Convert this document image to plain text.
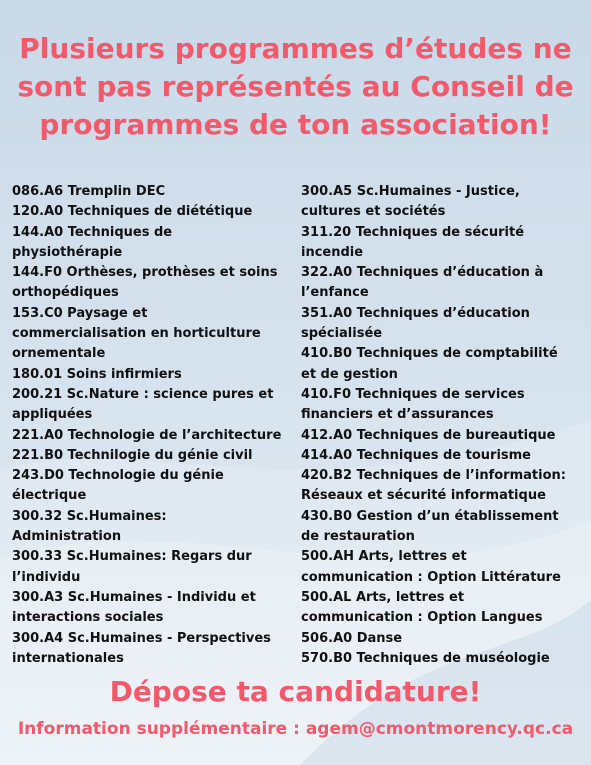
Plusieurs programmes d’études ne
sont pas représentés au Conseil de
programmes de ton association!
086.A6 Tremplin DEC
120.A0 Techniques de diététique
144.A0 Techniques de
physiothérapie
144.F0 Orthèses, prothèses et soins
orthopédiques
153.C0 Paysage et
commercialisation en horticulture
ornementale
180.01 Soins infirmiers
200.21 Sc.Nature : science pures et
appliquées
221.A0 Technologie de l’architecture
221.B0 Technilogie du génie civil
243.D0 Technologie du génie
électrique
300.32 Sc.Humaines:
Administration
300.33 Sc.Humaines: Regars dur
l’individu
300.A3 Sc.Humaines - Individu et
interactions sociales
300.A4 Sc.Humaines - Perspectives
internationales
300.A5 Sc.Humaines - Justice,
cultures et sociétés
311.20 Techniques de sécurité
incendie
322.A0 Techniques d’éducation à
l’enfance
351.A0 Techniques d’éducation
spécialisée
410.B0 Techniques de comptabilité
et de gestion
410.F0 Techniques de services
financiers et d’assurances
412.A0 Techniques de bureautique
414.A0 Techniques de tourisme
420.B2 Techniques de l’information:
Réseaux et sécurité informatique
430.B0 Gestion d’un établissement
de restauration
500.AH Arts, lettres et
communication : Option Littérature
500.AL Arts, lettres et
communication : Option Langues
506.A0 Danse
570.B0 Techniques de muséologie
Dépose ta candidature!
Information supplémentaire : agem@cmontmorency.qc.ca
